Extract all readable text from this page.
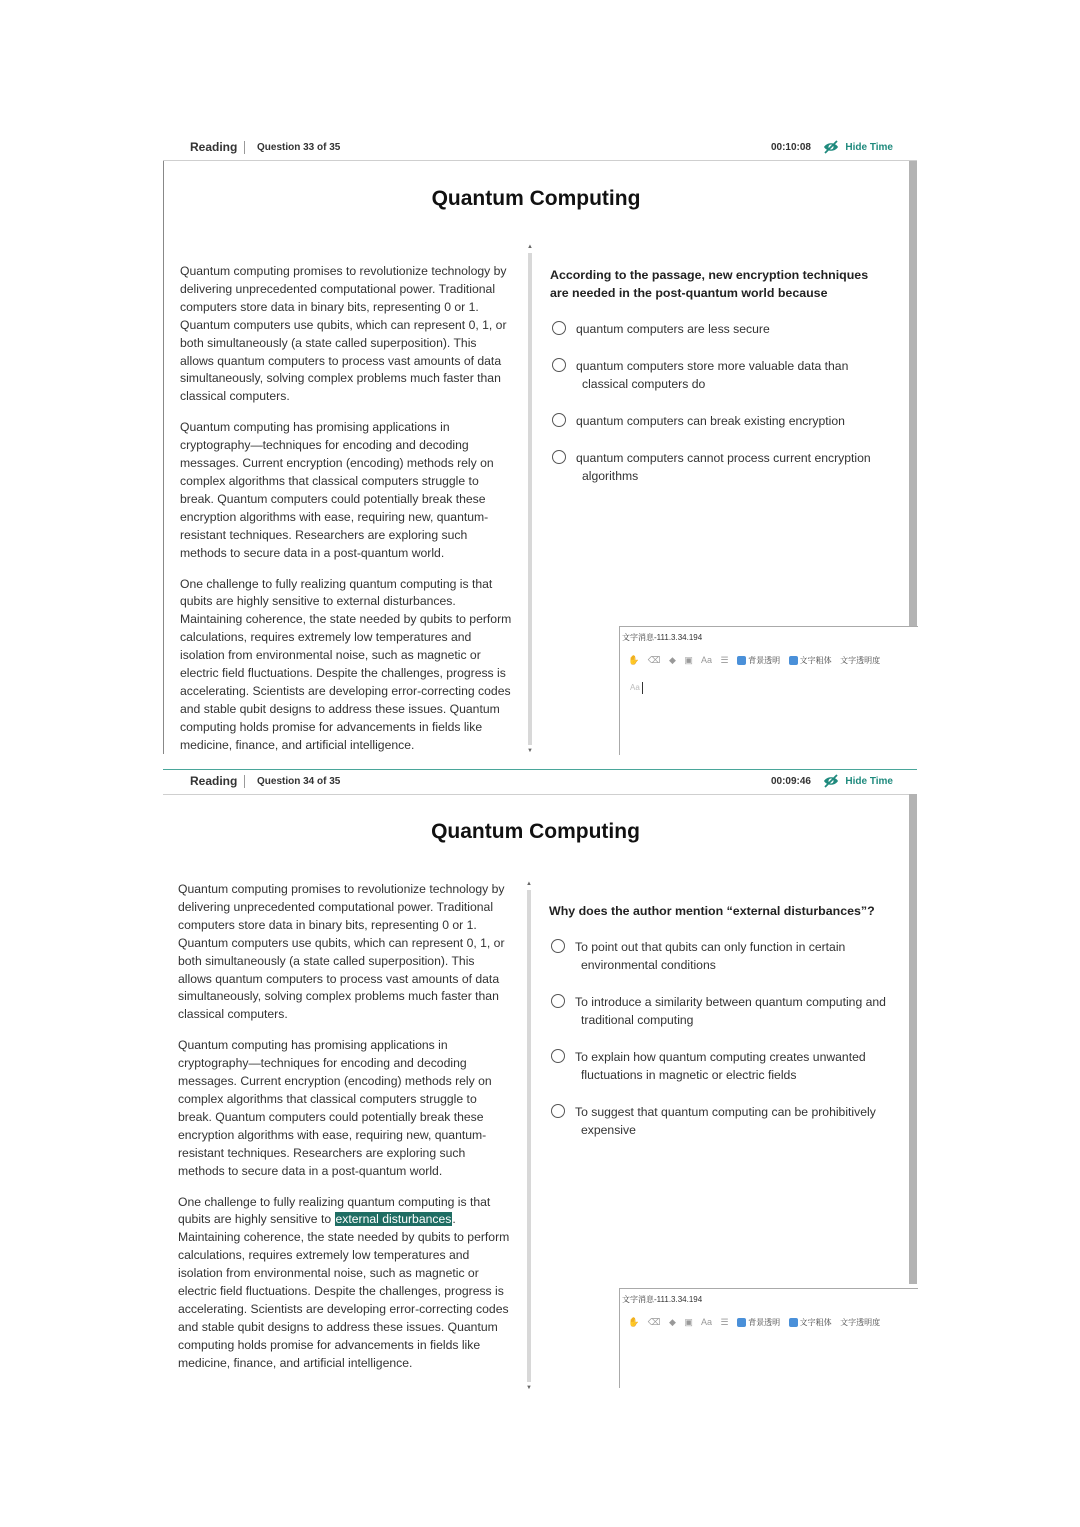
Reading Question 33 of 35	00:10:08	Hide Time
Quantum Computing

Quantum computing promises to revolutionize technology by delivering unprecedented computational power. Traditional computers store data in binary bits, representing 0 or 1. Quantum computers use qubits, which can represent 0, 1, or both simultaneously (a state called superposition). This allows quantum computers to process vast amounts of data simultaneously, solving complex problems much faster than classical computers.

Quantum computing has promising applications in cryptography—techniques for encoding and decoding messages. Current encryption (encoding) methods rely on complex algorithms that classical computers struggle to break. Quantum computers could potentially break these encryption algorithms with ease, requiring new, quantum-resistant techniques. Researchers are exploring such methods to secure data in a post-quantum world.

One challenge to fully realizing quantum computing is that qubits are highly sensitive to external disturbances. Maintaining coherence, the state needed by qubits to perform calculations, requires extremely low temperatures and isolation from environmental noise, such as magnetic or electric field fluctuations. Despite the challenges, progress is accelerating. Scientists are developing error-correcting codes and stable qubit designs to address these issues. Quantum computing holds promise for advancements in fields like medicine, finance, and artificial intelligence.

▲
▼
According to the passage, new encryption techniques are needed in the post-quantum world because
quantum computers are less secure
quantum computers store more valuable data than
classical computers do
quantum computers can break existing encryption
quantum computers cannot process current encryption
algorithms
文字消息-111.3.34.194
✋ ⌫ ◆ ▣ Aa ☰ 背景透明 文字粗体 文字透明度
Aa
Reading Question 34 of 35	00:09:46	Hide Time
Quantum Computing

Quantum computing promises to revolutionize technology by delivering unprecedented computational power. Traditional computers store data in binary bits, representing 0 or 1. Quantum computers use qubits, which can represent 0, 1, or both simultaneously (a state called superposition). This allows quantum computers to process vast amounts of data simultaneously, solving complex problems much faster than classical computers.

Quantum computing has promising applications in cryptography—techniques for encoding and decoding messages. Current encryption (encoding) methods rely on complex algorithms that classical computers struggle to break. Quantum computers could potentially break these encryption algorithms with ease, requiring new, quantum-resistant techniques. Researchers are exploring such methods to secure data in a post-quantum world.

One challenge to fully realizing quantum computing is that qubits are highly sensitive to external disturbances. Maintaining coherence, the state needed by qubits to perform calculations, requires extremely low temperatures and isolation from environmental noise, such as magnetic or electric field fluctuations. Despite the challenges, progress is accelerating. Scientists are developing error-correcting codes and stable qubit designs to address these issues. Quantum computing holds promise for advancements in fields like medicine, finance, and artificial intelligence.

▲
▼
Why does the author mention “external disturbances”?
To point out that qubits can only function in certain
environmental conditions
To introduce a similarity between quantum computing and
traditional computing
To explain how quantum computing creates unwanted
fluctuations in magnetic or electric fields
To suggest that quantum computing can be prohibitively
expensive
文字消息-111.3.34.194
✋ ⌫ ◆ ▣ Aa ☰ 背景透明 文字粗体 文字透明度
